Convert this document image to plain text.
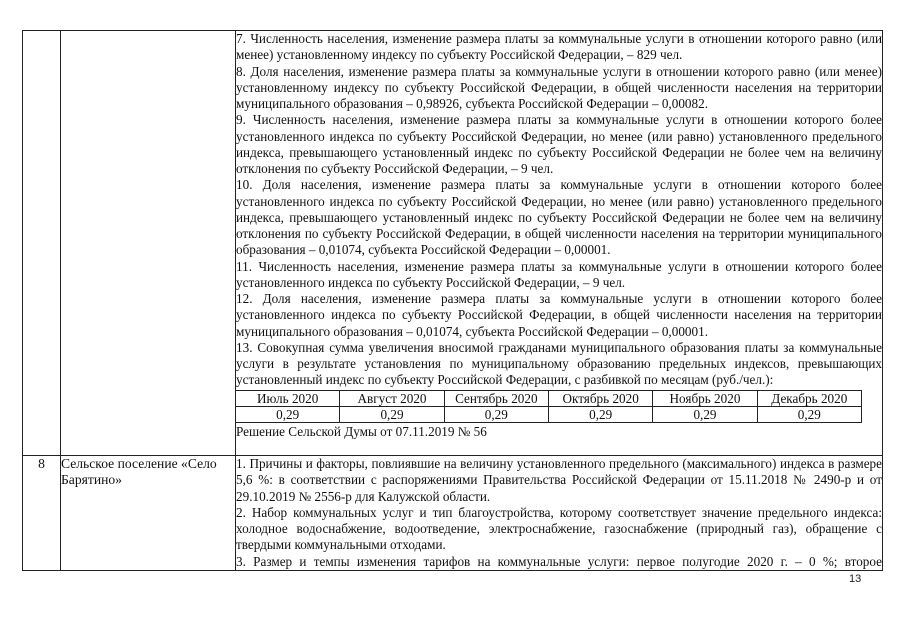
7. Численность населения, изменение размера платы за коммунальные услуги в отношении которого равно (или менее) установленному индексу по субъекту Российской Федерации, – 829 чел.
8. Доля населения, изменение размера платы за коммунальные услуги в отношении которого равно (или менее) установленному индексу по субъекту Российской Федерации, в общей численности населения на территории муниципального образования – 0,98926, субъекта Российской Федерации – 0,00082.
9. Численность населения, изменение размера платы за коммунальные услуги в отношении которого более установленного индекса по субъекту Российской Федерации, но менее (или равно) установленного предельного индекса, превышающего установленный индекс по субъекту Российской Федерации не более чем на величину отклонения по субъекту Российской Федерации, – 9 чел.
10. Доля населения, изменение размера платы за коммунальные услуги в отношении которого более установленного индекса по субъекту Российской Федерации, но менее (или равно) установленного предельного индекса, превышающего установленный индекс по субъекту Российской Федерации не более чем на величину отклонения по субъекту Российской Федерации, в общей численности населения на территории муниципального образования – 0,01074, субъекта Российской Федерации – 0,00001.
11. Численность населения, изменение размера платы за коммунальные услуги в отношении которого более установленного индекса по субъекту Российской Федерации, – 9 чел.
12. Доля населения, изменение размера платы за коммунальные услуги в отношении которого более установленного индекса по субъекту Российской Федерации, в общей численности населения на территории муниципального образования – 0,01074, субъекта Российской Федерации – 0,00001.
13. Совокупная сумма увеличения вносимой гражданами муниципального образования платы за коммунальные услуги в результате установления по муниципальному образованию предельных индексов, превышающих установленный индекс по субъекту Российской Федерации, с разбивкой по месяцам (руб./чел.):
Июль 2020	Август 2020	Сентябрь 2020	Октябрь 2020	Ноябрь 2020	Декабрь 2020
0,29	0,29	0,29	0,29	0,29	0,29
Решение Сельской Думы от 07.11.2019 № 56

8	Сельское поселение «Село Барятино»	
1. Причины и факторы, повлиявшие на величину установленного предельного (максимального) индекса в размере 5,6 %: в соответствии с распоряжениями Правительства Российской Федерации от 15.11.2018 № 2490-р и от 29.10.2019 № 2556-р для Калужской области.
2. Набор коммунальных услуг и тип благоустройства, которому соответствует значение предельного индекса: холодное водоснабжение, водоотведение, электроснабжение, газоснабжение (природный газ), обращение с твердыми коммунальными отходами.
3. Размер и темпы изменения тарифов на коммунальные услуги: первое полугодие 2020 г. – 0 %; второе
13
